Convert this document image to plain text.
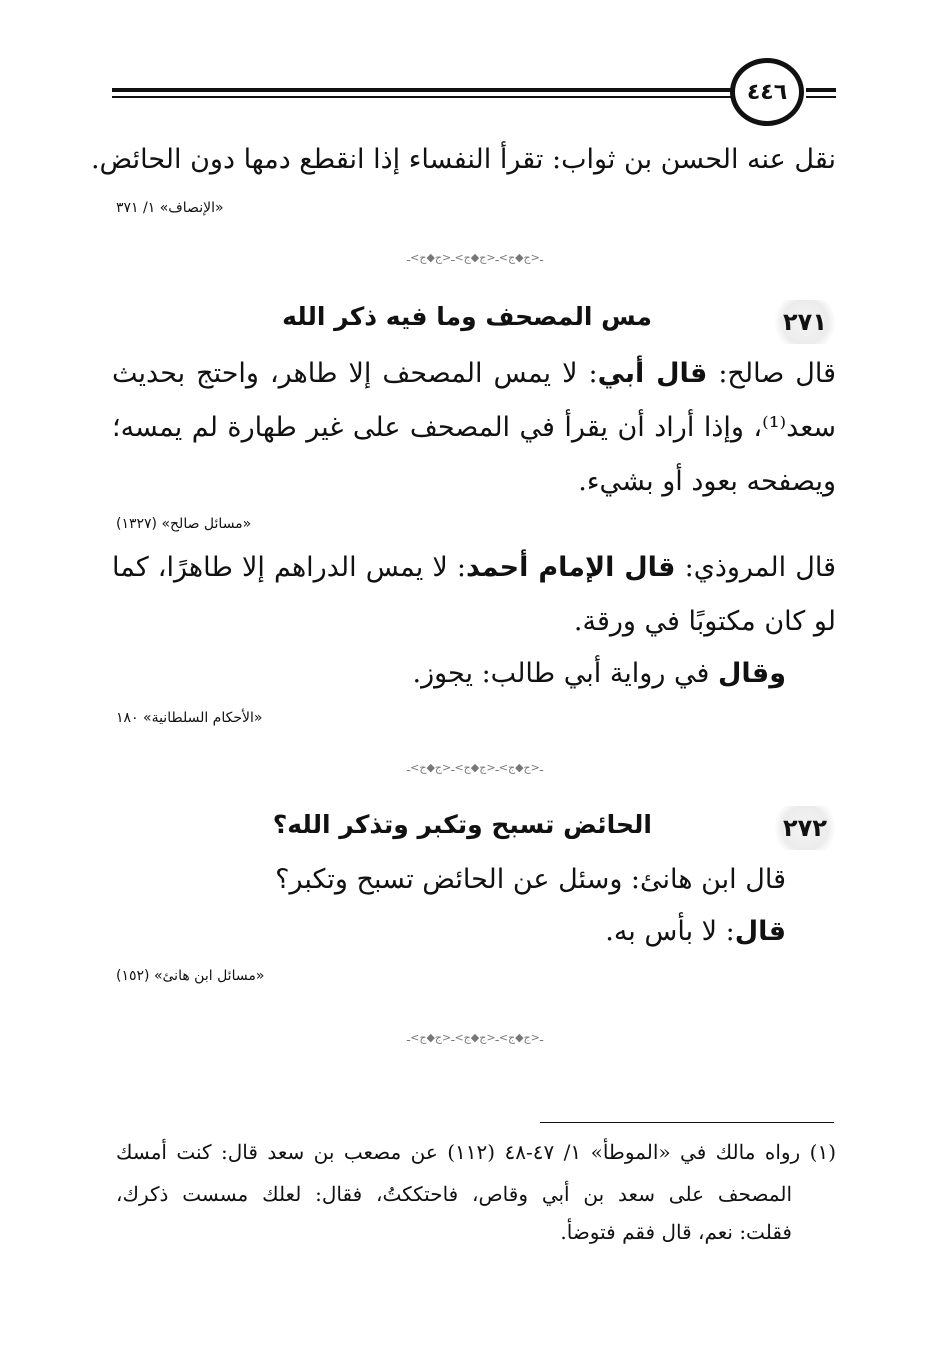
٤٤٦
نقل عنه الحسن بن ثواب: تقرأ النفساء إذا انقطع دمها دون الحائض.
«الإنصاف» ١/ ٣٧١
ـ<ج◆ج>ـ<ج◆ج>ـ<ج◆ج>ـ
٢٧١
مس المصحف وما فيه ذكر الله
قال صالح: قال أبي: لا يمس المصحف إلا طاهر، واحتج بحديث
سعد⁽¹⁾، وإذا أراد أن يقرأ في المصحف على غير طهارة لم يمسه؛
ويصفحه بعود أو بشيء.
«مسائل صالح» (١٣٢٧)
قال المروذي: قال الإمام أحمد: لا يمس الدراهم إلا طاهرًا، كما
لو كان مكتوبًا في ورقة.
وقال في رواية أبي طالب: يجوز.
«الأحكام السلطانية» ١٨٠
ـ<ج◆ج>ـ<ج◆ج>ـ<ج◆ج>ـ
٢٧٢
الحائض تسبح وتكبر وتذكر الله؟
قال ابن هانئ: وسئل عن الحائض تسبح وتكبر؟
قال: لا بأس به.
«مسائل ابن هانئ» (١٥٢)
ـ<ج◆ج>ـ<ج◆ج>ـ<ج◆ج>ـ
(١) رواه مالك في «الموطأ» ١/ ٤٧-٤٨ (١١٢) عن مصعب بن سعد قال: كنت أمسك
المصحف على سعد بن أبي وقاص، فاحتككتُ، فقال: لعلك مسست ذكرك،
فقلت: نعم، قال فقم فتوضأ.
